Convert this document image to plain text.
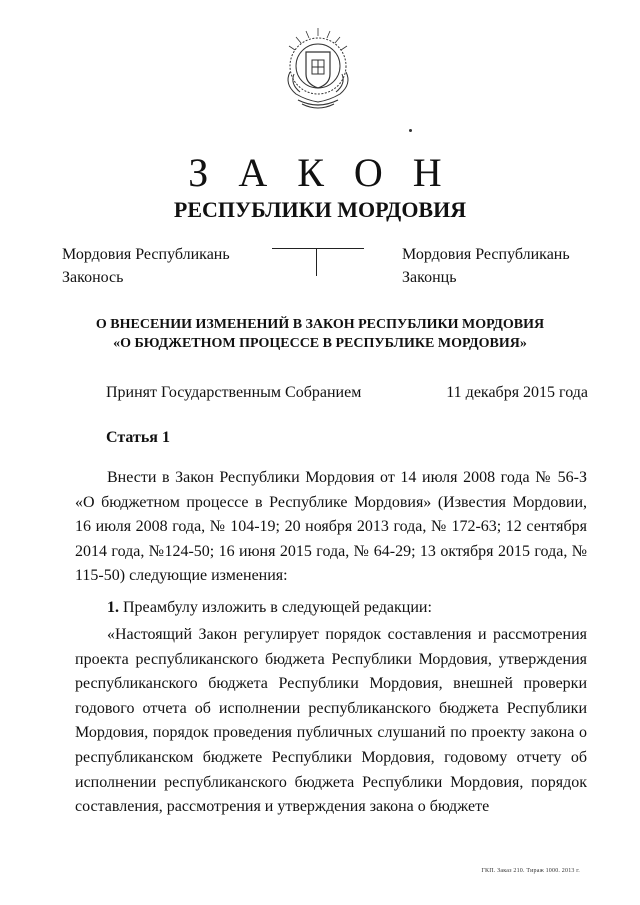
З А К О Н
РЕСПУБЛИКИ МОРДОВИЯ
Мордовия Республикань
Законось
Мордовия Республикань
Законць
О ВНЕСЕНИИ ИЗМЕНЕНИЙ В ЗАКОН РЕСПУБЛИКИ МОРДОВИЯ
«О БЮДЖЕТНОМ ПРОЦЕССЕ В РЕСПУБЛИКЕ МОРДОВИЯ»
Принят Государственным Собранием	11 декабря 2015 года
Статья 1
Внести в Закон Республики Мордовия от 14 июля 2008 года № 56-З «О бюджетном процессе в Республике Мордовия» (Известия Мордовии, 16 июля 2008 года, № 104-19; 20 ноября 2013 года, № 172-63; 12 сентября 2014 года, №124-50; 16 июня 2015 года, № 64-29; 13 октября 2015 года, № 115-50) следующие изменения:
1. Преамбулу изложить в следующей редакции:
«Настоящий Закон регулирует порядок составления и рассмотрения проекта республиканского бюджета Республики Мордовия, утверждения республиканского бюджета Республики Мордовия, внешней проверки годового отчета об исполнении республиканского бюджета Республики Мордовия, порядок проведения публичных слушаний по проекту закона о республиканском бюджете Республики Мордовия, годовому отчету об исполнении республиканского бюджета Республики Мордовия, порядок составления, рассмотрения и утверждения закона о бюджете
ГКП. Заказ 210. Тираж 1000. 2013 г.
